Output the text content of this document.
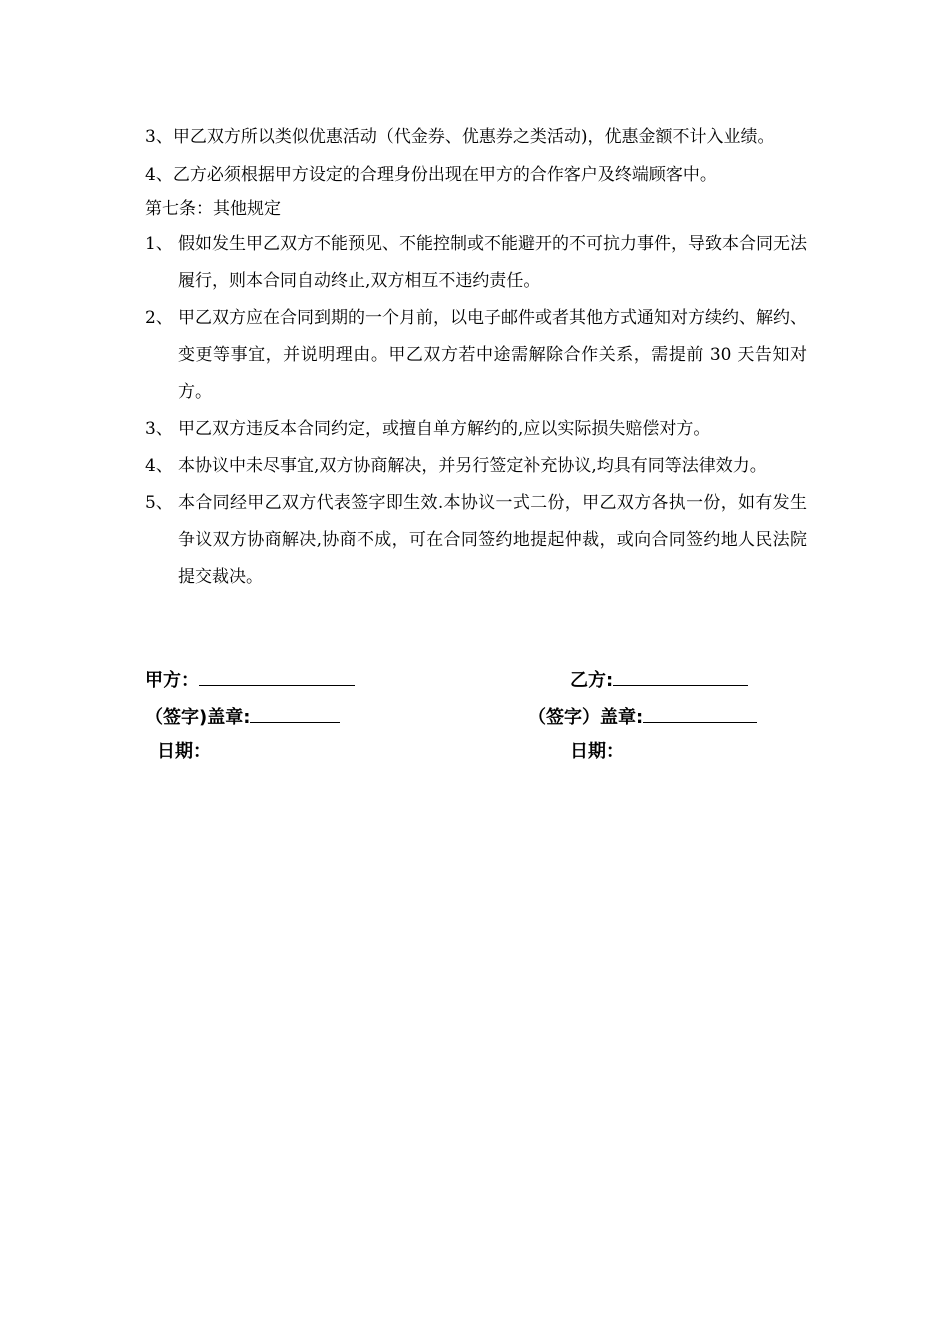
3、甲乙双方所以类似优惠活动（代金券、优惠券之类活动)，优惠金额不计入业绩。

4、乙方必须根据甲方设定的合理身份出现在甲方的合作客户及终端顾客中。

第七条：其他规定

1、 假如发生甲乙双方不能预见、不能控制或不能避开的不可抗力事件，导致本合同无法履行，则本合同自动终止,双方相互不违约责任。
2、 甲乙双方应在合同到期的一个月前，以电子邮件或者其他方式通知对方续约、解约、变更等事宜，并说明理由。甲乙双方若中途需解除合作关系，需提前 30 天告知对方。
3、 甲乙双方违反本合同约定，或擅自单方解约的,应以实际损失赔偿对方。
4、 本协议中未尽事宜,双方协商解决，并另行签定补充协议,均具有同等法律效力。
5、 本合同经甲乙双方代表签字即生效.本协议一式二份，甲乙双方各执一份，如有发生争议双方协商解决,协商不成，可在合同签约地提起仲裁，或向合同签约地人民法院提交裁决。
甲方：	乙方:
（签字)盖章:	（签字）盖章:
日期：	日期：
